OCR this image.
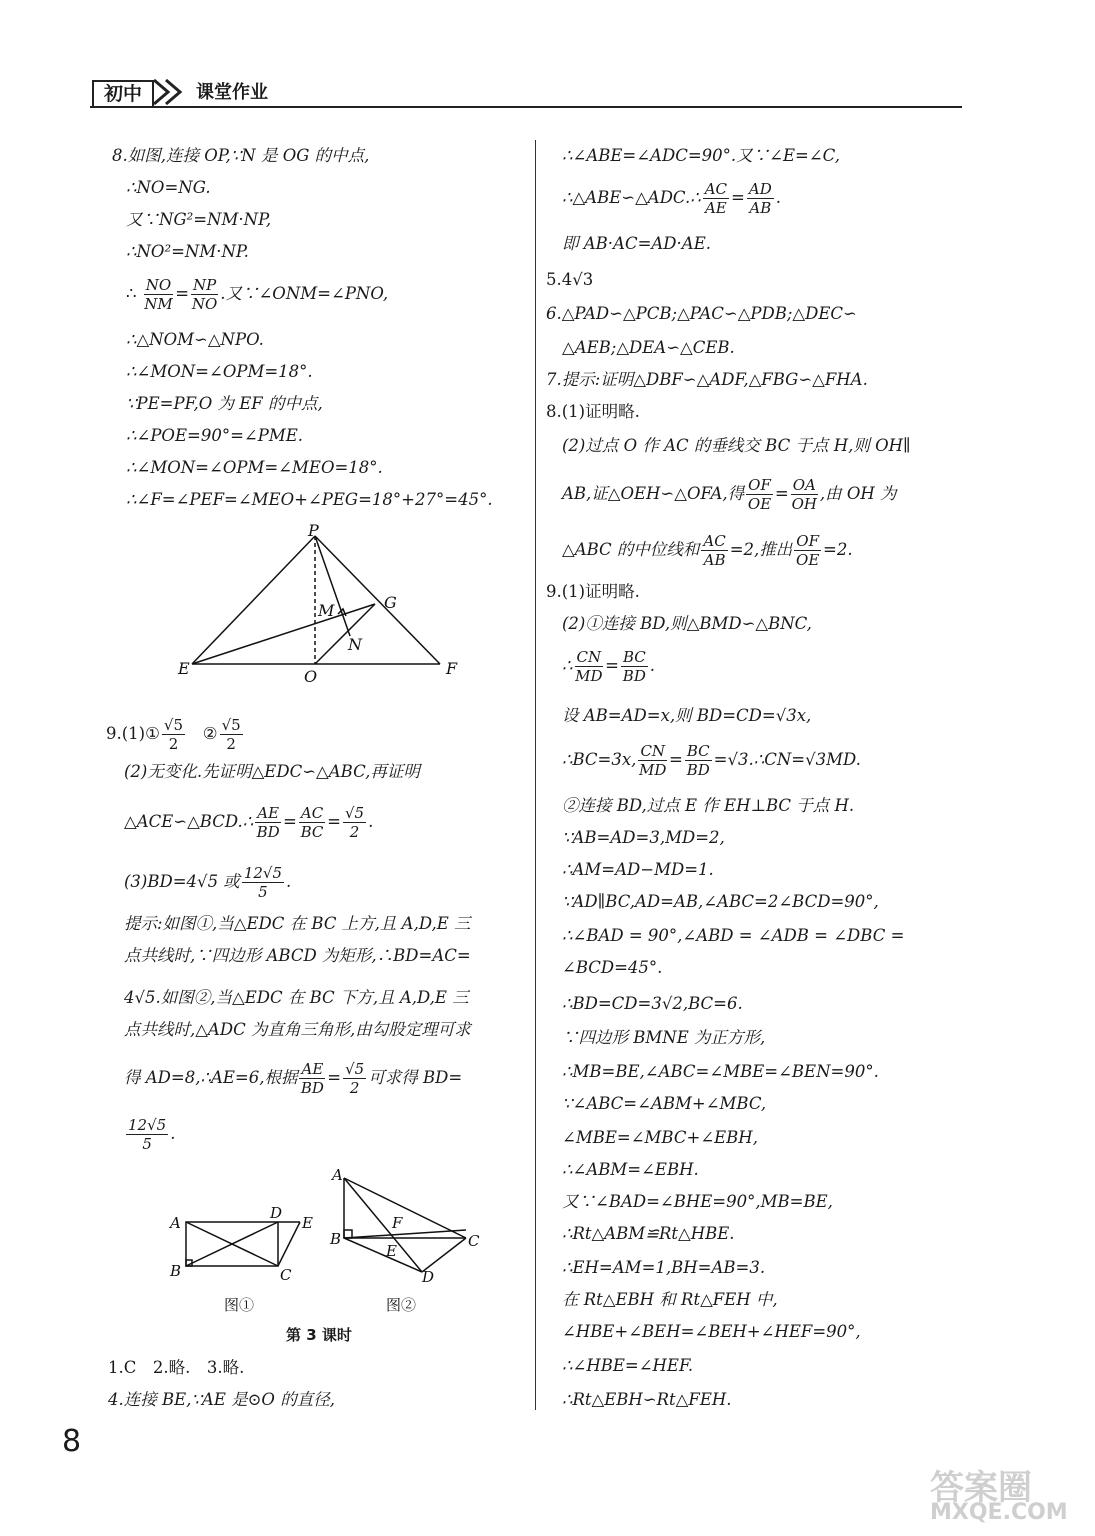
初中	课堂作业
8.如图,连接 OP,∵N 是 OG 的中点,
∴NO=NG.
又∵NG²=NM·NP,
∴NO²=NM·NP.
∴ $\frac{NO}{NM} = \frac{NP}{NO}$ .又∵∠ONM=∠PNO,
∴△NOM∽△NPO.
∴∠MON=∠OPM=18°.
∵PE=PF,O 为 EF 的中点,
∴∠POE=90°=∠PME.
∴∠MON=∠OPM=∠MEO=18°.
∴∠F=∠PEF=∠MEO+∠PEG=18°+27°=45°.
P
M	G
N
E	O	F
9.(1)① $\frac{√5}{2}$ ② $\frac{√5}{2}$
(2)无变化.先证明△EDC∽△ABC,再证明
△ACE∽△BCD.∴ $\frac{AE}{BD} = \frac{AC}{BC} = \frac{√5}{2}$ .
(3)BD=4√5 或 $\frac{12√5}{5}$ .
提示:如图①,当△EDC 在 BC 上方,且 A,D,E 三
点共线时,∵四边形 ABCD 为矩形,∴BD=AC=
4√5.如图②,当△EDC 在 BC 下方,且 A,D,E 三
点共线时,△ADC 为直角三角形,由勾股定理可求
得 AD=8,∴AE=6,根据 $\frac{AE}{BD} = \frac{√5}{2}$ 可求得 BD=
$\frac{12√5}{5}$ .
A
D
E
B	C
A
F
B
E
C
D
图①	图②
第 3 课时
1.C　2.略.　3.略.
4.连接 BE,∵AE 是⊙O 的直径,
∴∠ABE=∠ADC=90°.又∵∠E=∠C,
∴△ABE∽△ADC.∴ $\frac{AC}{AE} = \frac{AD}{AB}$ .
即 AB·AC=AD·AE.
5.4√3
6.△PAD∽△PCB;△PAC∽△PDB;△DEC∽
△AEB;△DEA∽△CEB.
7.提示:证明△DBF∽△ADF,△FBG∽△FHA.
8.(1)证明略.
(2)过点 O 作 AC 的垂线交 BC 于点 H,则 OH∥
AB,证△OEH∽△OFA,得 $\frac{OF}{OE} = \frac{OA}{OH}$ ,由 OH 为
△ABC 的中位线和 $\frac{AC}{AB} =2$,推出 $\frac{OF}{OE} =2$.
9.(1)证明略.
(2)①连接 BD,则△BMD∽△BNC,
∴ $\frac{CN}{MD} = \frac{BC}{BD}$ .
设 AB=AD=x,则 BD=CD=√3x,
∴BC=3x, $\frac{CN}{MD} = \frac{BC}{BD}$ =√3.∴CN=√3MD.
②连接 BD,过点 E 作 EH⊥BC 于点 H.
∵AB=AD=3,MD=2,
∴AM=AD−MD=1.
∵AD∥BC,AD=AB,∠ABC=2∠BCD=90°,
∴∠BAD = 90°,∠ABD = ∠ADB = ∠DBC =
∠BCD=45°.
∴BD=CD=3√2,BC=6.
∵四边形 BMNE 为正方形,
∴MB=BE,∠ABC=∠MBE=∠BEN=90°.
∵∠ABC=∠ABM+∠MBC,
∠MBE=∠MBC+∠EBH,
∴∠ABM=∠EBH.
又∵∠BAD=∠BHE=90°,MB=BE,
∴Rt△ABM≌Rt△HBE.
∴EH=AM=1,BH=AB=3.
在 Rt△EBH 和 Rt△FEH 中,
∠HBE+∠BEH=∠BEH+∠HEF=90°,
∴∠HBE=∠HEF.
∴Rt△EBH∽Rt△FEH.
8
答案圈
MXQE.COM
